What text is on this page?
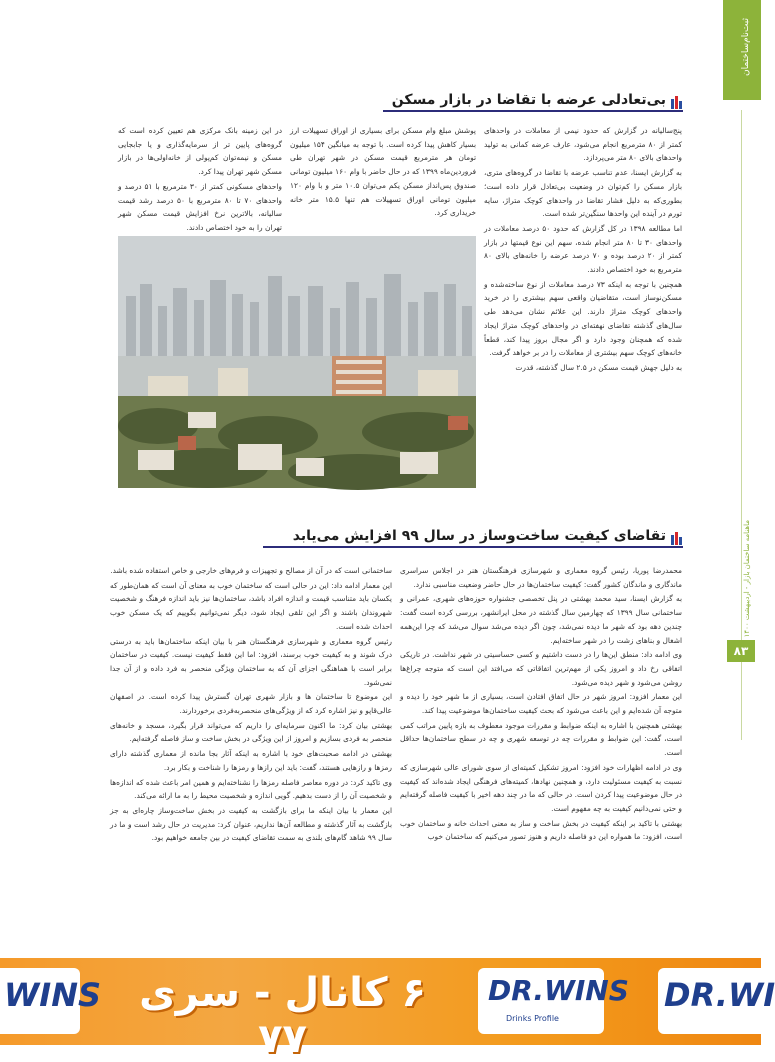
ثبت‌نام‌ساختمان
ماهنامه ساختمان بازار - اردیبهشت ۱۴۰۰
۸۳
بی‌تعادلی عرضه با تقاضا در بازار مسکن

پنج‌سالیانه در گزارش که حدود نیمی از معاملات در واحدهای کمتر از ۸۰ مترمربع انجام می‌شود، عارف عرضه کمانی به تولید واحدهای بالای ۸۰ متر می‌پردازد.

به گزارش ایسنا، عدم تناسب عرضه با تقاضا در گروه‌های متری، بازار مسکن را کم‌توان در وضعیت بی‌تعادل قرار داده است؛ بطوری‌که به دلیل فشار تقاضا در واحدهای کوچک متراژ، سایه تورم در آینده این واحدها سنگین‌تر شده است.

اما مطالعه ۱۳۹۸ در کل گزارش که حدود ۵۰ درصد معاملات در واحدهای ۳۰ تا ۸۰ متر انجام شده، سهم این نوع قیمتها در بازار کمتر از ۲۰ درصد بوده و ۷۰ درصد عرضه را خانه‌های بالای ۸۰ مترمربع به خود اختصاص دادند.

همچنین با توجه به اینکه ۷۳ درصد معاملات از نوع ساخته‌شده و مسکن‌نوساز است، متقاضیان واقعی سهم بیشتری را در خرید واحدهای کوچک متراژ دارند. این علائم نشان می‌دهد طی سال‌های گذشته تقاضای نهفته‌ای در واحدهای کوچک متراژ ایجاد شده که همچنان وجود دارد و اگر مجال بروز پیدا کند، قطعاً خانه‌های کوچک سهم بیشتری از معاملات را در بر خواهد گرفت.

به دلیل جهش قیمت مسکن در ۲.۵ سال گذشته، قدرت

پوشش مبلغ وام مسکن برای بسیاری از اوراق تسهیلات ارز بسیار کاهش پیدا کرده است. با توجه به میانگین ۱۵۴ میلیون تومان هر مترمربع قیمت مسکن در شهر تهران طی فروردین‌ماه ۱۳۹۹ که در حال حاضر با وام ۱۶۰ میلیون تومانی صندوق پس‌انداز مسکن یکم می‌توان ۱۰.۵ متر و با وام ۱۲۰ میلیون تومانی اوراق تسهیلات هم تنها ۱۵.۵ متر خانه خریداری کرد.

در این زمینه بانک مرکزی هم تعیین کرده است که گروه‌های پایین تر از سرمایه‌گذاری و یا جابجایی مسکن و نیمه‌توان کم‌پولی از خانه‌اولی‌ها در بازار مسکن شهر تهران پیدا کرد.

واحدهای مسکونی کمتر از ۳۰ مترمربع با ۵۱ درصد و واحدهای ۷۰ تا ۸۰ مترمربع با ۵۰ درصد رشد قیمت سالیانه، بالاترین نرخ افزایش قیمت مسکن شهر تهران را به خود اختصاص دادند.

تقاضای کیفیت ساخت‌وساز در سال ۹۹ افزایش می‌یابد

محمدرضا پوریا، رئیس گروه معماری و شهرسازی فرهنگستان هنر در اجلاس سراسری ماندگاری و ماندگان کشور گفت: کیفیت ساختمان‌ها در حال حاضر وضعیت مناسبی ندارد.

به گزارش ایسنا، سید محمد بهشتی در پنل تخصصی جشنواره حوزه‌های شهری، عمرانی و ساختمانی سال ۱۳۹۹ که چهارمین سال گذشته در محل ایرانشهر، بررسی کرده است گفت: چندین دهه بود که شهر ما دیده نمی‌شد، چون اگر دیده می‌شد سوال می‌شد که چرا این‌همه اشغال و بناهای زشت را در شهر ساخته‌ایم.

وی ادامه داد: منطق این‌ها را در دست داشتیم و کسی حساسیتی در شهر نداشت. در تاریکی اتفاقی رخ داد و امروز یکی از مهم‌ترین اتفاقاتی که می‌افتد این است که متوجه چراغ‌ها روشن می‌شود و شهر دیده می‌شود.

این معمار افزود: امروز شهر در حال اتفاق افتادن است، بسیاری از ما شهر خود را دیده و متوجه آن شده‌ایم و این باعث می‌شود که بحث کیفیت ساختمان‌ها موضوعیت پیدا کند.

بهشتی همچنین با اشاره به اینکه ضوابط و مقررات موجود معطوف به بازه پایین مراتب کمی است، گفت: این ضوابط و مقررات چه در توسعه شهری و چه در سطح ساختمان‌ها حداقل است.

وی در ادامه اظهارات خود افزود: امروز تشکیل کمیته‌ای از سوی شورای عالی شهرسازی که نسبت به کیفیت مسئولیت دارد، و همچنین نهادها، کمیته‌های فرهنگی ایجاد شده‌اند که کیفیت در حال موضوعیت پیدا کردن است. در حالی که ما در چند دهه اخیر با کیفیت فاصله گرفته‌ایم و حتی نمی‌دانیم کیفیت به چه مفهوم است.

بهشتی با تاکید بر اینکه کیفیت در بخش ساخت و ساز به معنی احداث خانه و ساختمان خوب است، افزود: ما همواره این دو فاصله داریم و هنوز تصور می‌کنیم که ساختمان خوب

ساختمانی است که در آن از مصالح و تجهیزات و فرم‌های خارجی و خاص استفاده شده باشد.

این معمار ادامه داد: این در حالی است که ساختمان خوب به معنای آن است که همان‌طور که یکسان باید متناسب قیمت و اندازه افراد باشد، ساختمان‌ها نیز باید اندازه فرهنگ و شخصیت شهروندان باشند و اگر این تلقی ایجاد شود، دیگر نمی‌توانیم بگوییم که یک مسکن خوب احداث شده است.

رئیس گروه معماری و شهرسازی فرهنگستان هنر با بیان اینکه ساختمان‌ها باید به درستی درک شوند و به کیفیت خوب برسند، افزود: اما این فقط کیفیت نیست. کیفیت در ساختمان برابر است با هماهنگی اجزای آن که به ساختمان ویژگی منحصر به فرد داده و از آن جدا نمی‌شود.

این موضوع تا ساختمان ها و بازار شهری تهران گسترش پیدا کرده است. در اصفهان عالی‌قاپو و نیز اشاره کرد که از ویژگی‌های منحصر‌به‌فردی برخوردارند.

بهشتی بیان کرد: ما اکنون سرمایه‌ای را داریم که می‌تواند قرار بگیرد، مسجد و خانه‌های منحصر به فردی بسازیم و امروز از این ویژگی در بخش ساخت و ساز فاصله گرفته‌ایم.

بهشتی در ادامه صحبت‌های خود با اشاره به اینکه آثار بجا مانده از معماری گذشته دارای رمزها و رازهایی هستند، گفت: باید این رازها و رمزها را شناخت و بکار برد.

وی تاکید کرد: در دوره معاصر فاصله رمزها را نشناخته‌ایم و همین امر باعث شده که اندازه‌ها و شخصیت آن را از دست بدهیم. گویی اندازه و شخصیت محیط را به ما ارائه می‌کند.

این معمار با بیان اینکه ما برای بازگشت به کیفیت در بخش ساخت‌وساز چاره‌ای به جز بازگشت به آثار گذشته و مطالعه آن‌ها نداریم، عنوان کرد: مدیریت در حال رشد است و ما در سال ۹۹ شاهد گام‌های بلندی به سمت تقاضای کیفیت در بین جامعه خواهیم بود.

WINS ۶ کانال - سری ۷۷
DR.WINS
Drinks Profile
DR.WI
